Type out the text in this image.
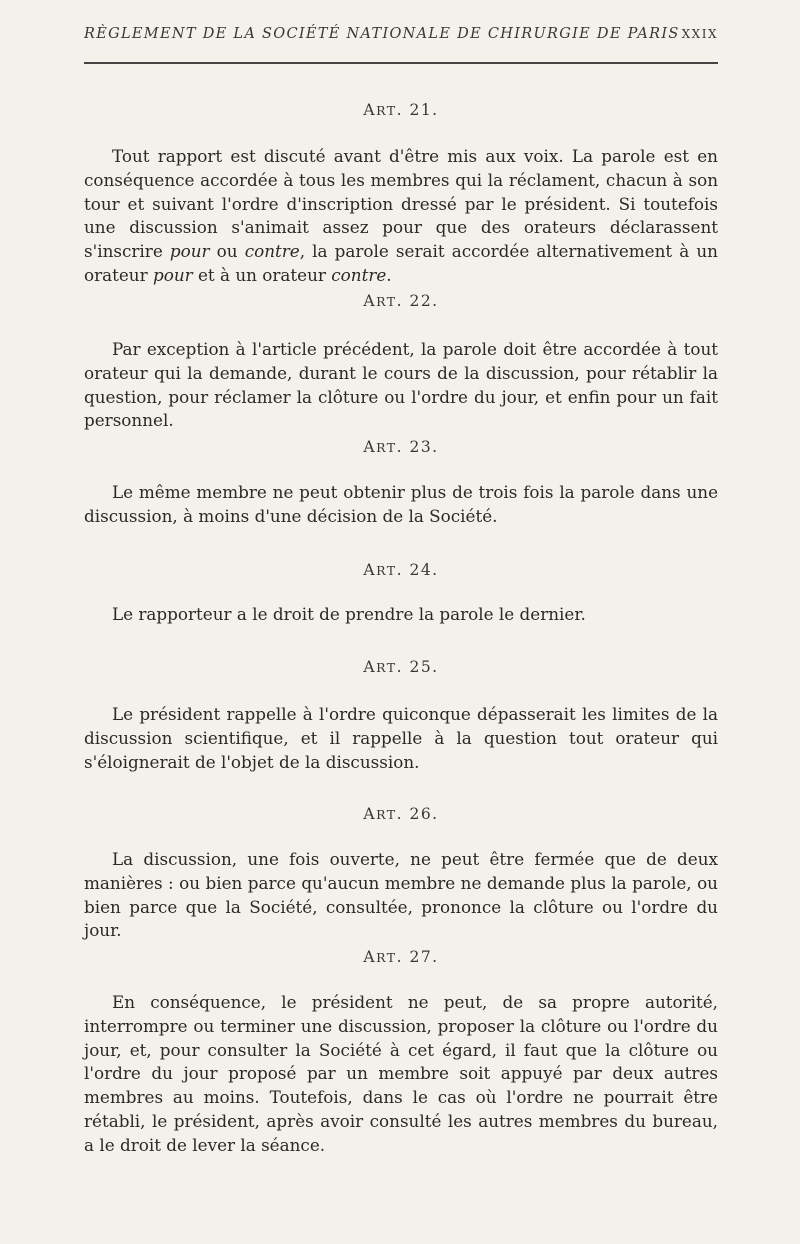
RÈGLEMENT DE LA SOCIÉTÉ NATIONALE DE CHIRURGIE DE PARIS XXIX
ART. 21.

Tout rapport est discuté avant d'être mis aux voix. La parole est en conséquence accordée à tous les membres qui la réclament, chacun à son tour et suivant l'ordre d'inscription dressé par le président. Si toutefois une discussion s'animait assez pour que des orateurs déclarassent s'inscrire pour ou contre, la parole serait accordée alternativement à un orateur pour et à un orateur contre.

ART. 22.

Par exception à l'article précédent, la parole doit être accordée à tout orateur qui la demande, durant le cours de la discussion, pour rétablir la question, pour réclamer la clôture ou l'ordre du jour, et enfin pour un fait personnel.

ART. 23.

Le même membre ne peut obtenir plus de trois fois la parole dans une discussion, à moins d'une décision de la Société.

ART. 24.

Le rapporteur a le droit de prendre la parole le dernier.

ART. 25.

Le président rappelle à l'ordre quiconque dépasserait les limites de la discussion scientifique, et il rappelle à la question tout orateur qui s'éloignerait de l'objet de la discussion.

ART. 26.

La discussion, une fois ouverte, ne peut être fermée que de deux manières : ou bien parce qu'aucun membre ne demande plus la parole, ou bien parce que la Société, consultée, prononce la clôture ou l'ordre du jour.

ART. 27.

En conséquence, le président ne peut, de sa propre autorité, interrompre ou terminer une discussion, proposer la clôture ou l'ordre du jour, et, pour consulter la Société à cet égard, il faut que la clôture ou l'ordre du jour proposé par un membre soit appuyé par deux autres membres au moins. Toutefois, dans le cas où l'ordre ne pourrait être rétabli, le président, après avoir consulté les autres membres du bureau, a le droit de lever la séance.
